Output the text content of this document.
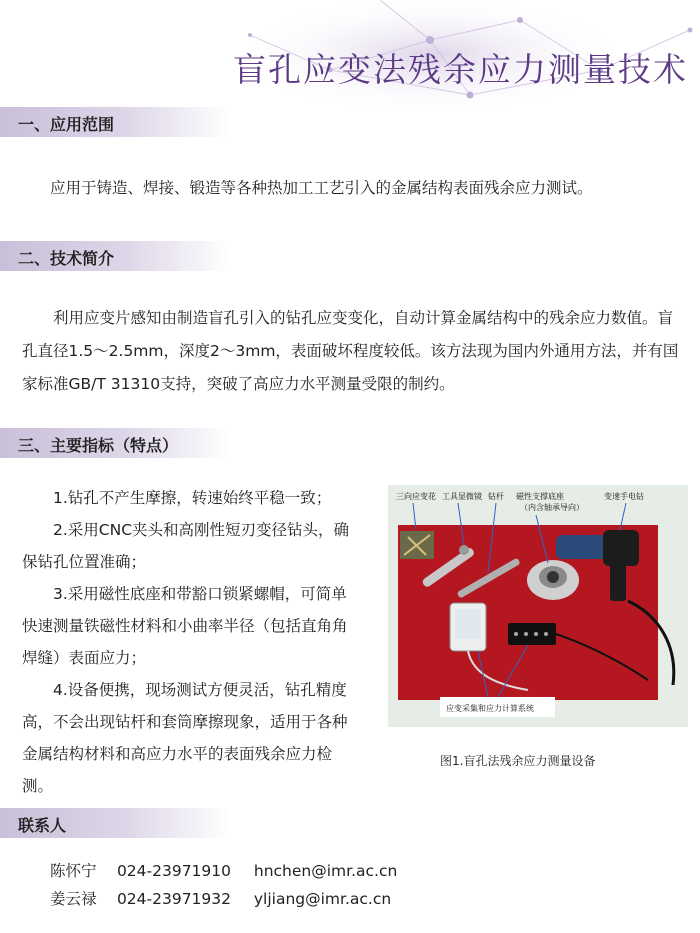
盲孔应变法残余应力测量技术
一、应用范围

应用于铸造、焊接、锻造等各种热加工工艺引入的金属结构表面残余应力测试。

二、技术简介

利用应变片感知由制造盲孔引入的钻孔应变变化，自动计算金属结构中的残余应力数值。盲孔直径1.5～2.5mm，深度2～3mm，表面破坏程度较低。该方法现为国内外通用方法，并有国家标准GB/T 31310支持，突破了高应力水平测量受限的制约。

三、主要指标（特点）

1.钻孔不产生摩擦，转速始终平稳一致；

2.采用CNC夹头和高刚性短刃变径钻头，确保钻孔位置准确；

3.采用磁性底座和带豁口锁紧螺帽，可简单快速测量铁磁性材料和小曲率半径（包括直角角焊缝）表面应力；

4.设备便携，现场测试方便灵活，钻孔精度高，不会出现钻杆和套筒摩擦现象，适用于各种金属结构材料和高应力水平的表面残余应力检测。

三向应变花 工具显微镜 钻杆 磁性支撑底座
（内含轴承导向）
变速手电钻
应变采集和应力计算系统
图1.盲孔法残余应力测量设备
联系人
陈怀宁 024-23971910 hnchen@imr.ac.cn
姜云禄 024-23971932 yljiang@imr.ac.cn
